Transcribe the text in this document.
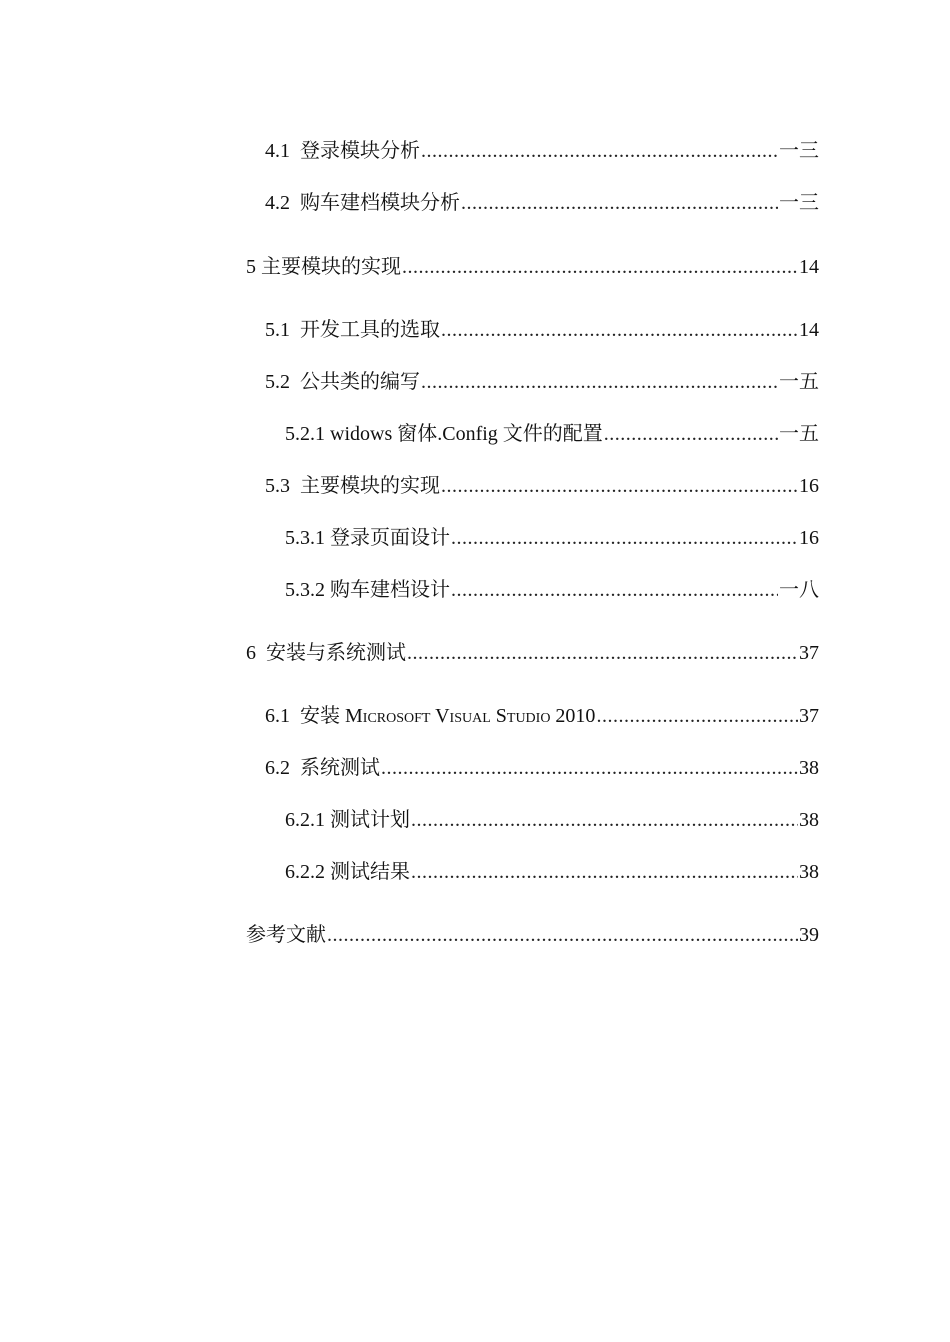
4.1  登录模块分析 .....	一三
4.2  购车建档模块分析 .....	一三
5 主要模块的实现 .....	14
5.1  开发工具的选取 .....	14
5.2  公共类的编写 .....	一五
5.2.1 widows 窗体.Config 文件的配置 .....	一五
5.3  主要模块的实现 .....	16
5.3.1 登录页面设计 .....	16
5.3.2 购车建档设计 .....	一八
6  安装与系统测试 .....	37
6.1  安装 Microsoft Visual Studio 2010 .....	37
6.2  系统测试 .....	38
6.2.1 测试计划 .....	38
6.2.2 测试结果 .....	38
参考文献 .....	39
